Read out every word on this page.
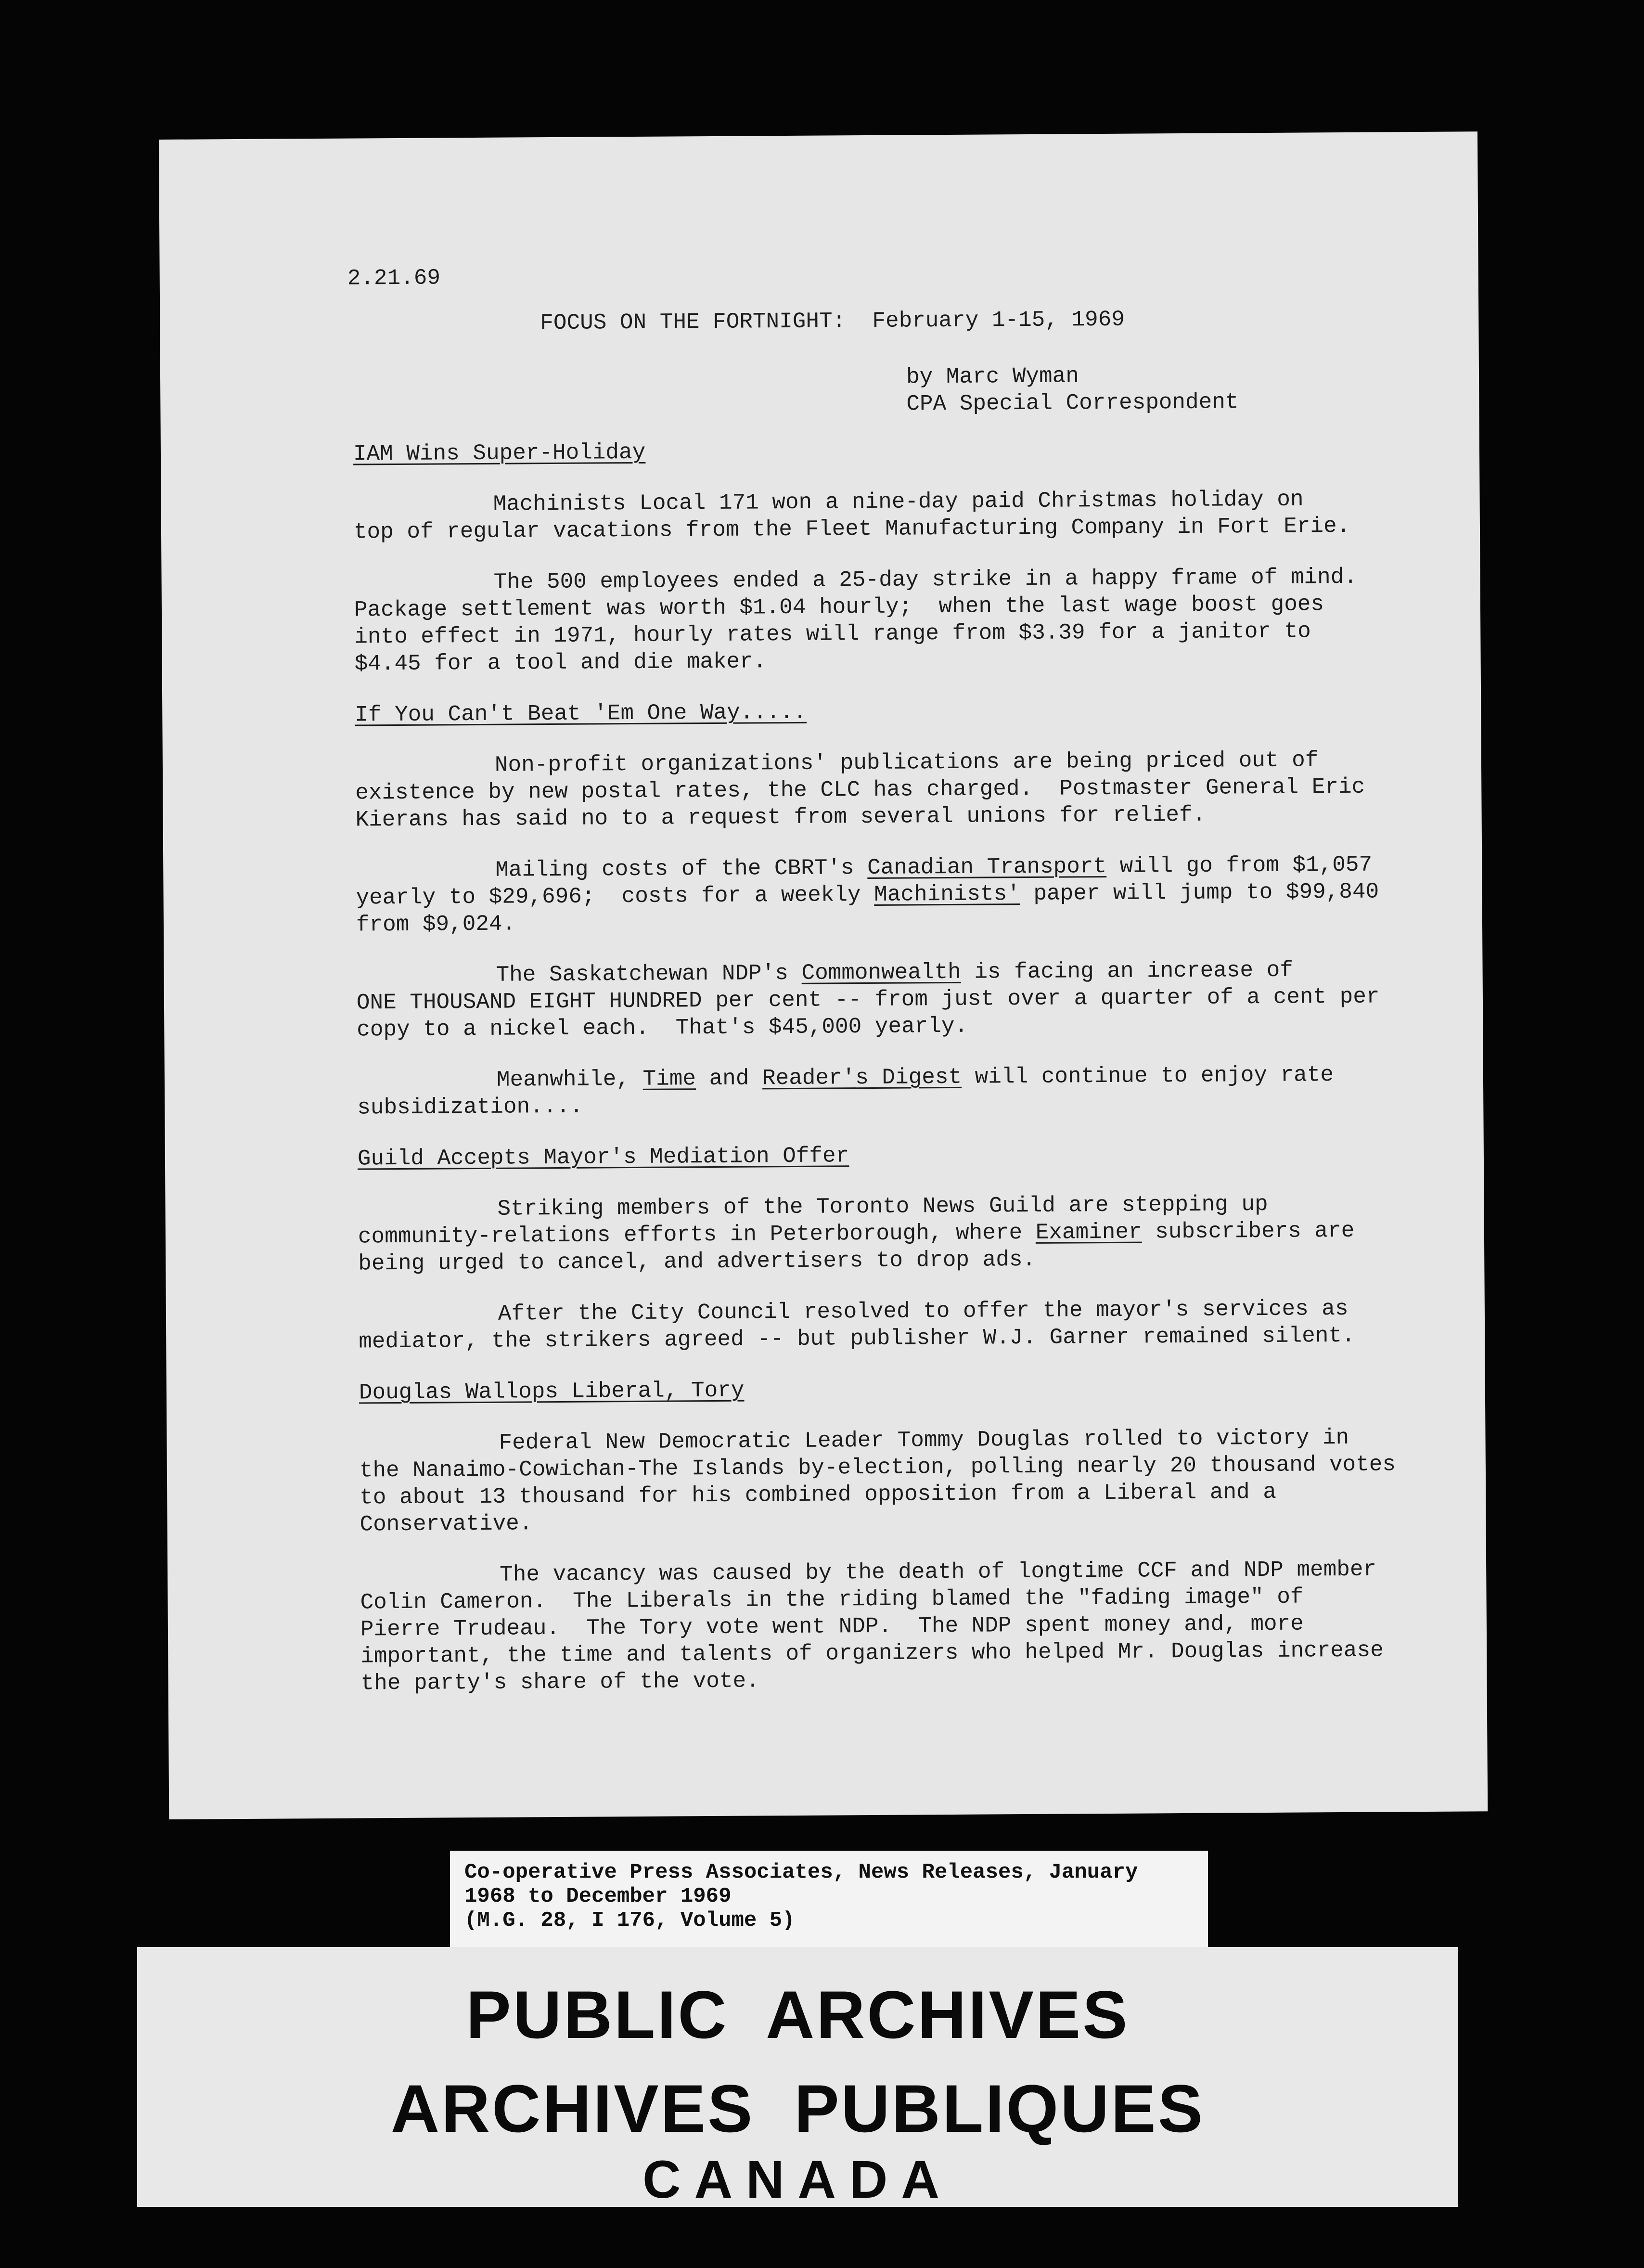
2.21.69
FOCUS ON THE FORTNIGHT:  February 1-15, 1969
by Marc Wyman
CPA Special Correspondent
IAM Wins Super-Holiday
Machinists Local 171 won a nine-day paid Christmas holiday on
top of regular vacations from the Fleet Manufacturing Company in Fort Erie.
The 500 employees ended a 25-day strike in a happy frame of mind.
Package settlement was worth $1.04 hourly;  when the last wage boost goes
into effect in 1971, hourly rates will range from $3.39 for a janitor to
$4.45 for a tool and die maker.
If You Can't Beat 'Em One Way.....
Non-profit organizations' publications are being priced out of
existence by new postal rates, the CLC has charged.  Postmaster General Eric
Kierans has said no to a request from several unions for relief.
Mailing costs of the CBRT's Canadian Transport will go from $1,057
yearly to $29,696;  costs for a weekly Machinists' paper will jump to $99,840
from $9,024.
The Saskatchewan NDP's Commonwealth is facing an increase of
ONE THOUSAND EIGHT HUNDRED per cent -- from just over a quarter of a cent per
copy to a nickel each.  That's $45,000 yearly.
Meanwhile, Time and Reader's Digest will continue to enjoy rate
subsidization....
Guild Accepts Mayor's Mediation Offer
Striking members of the Toronto News Guild are stepping up
community-relations efforts in Peterborough, where Examiner subscribers are
being urged to cancel, and advertisers to drop ads.
After the City Council resolved to offer the mayor's services as
mediator, the strikers agreed -- but publisher W.J. Garner remained silent.
Douglas Wallops Liberal, Tory
Federal New Democratic Leader Tommy Douglas rolled to victory in
the Nanaimo-Cowichan-The Islands by-election, polling nearly 20 thousand votes
to about 13 thousand for his combined opposition from a Liberal and a
Conservative.
The vacancy was caused by the death of longtime CCF and NDP member
Colin Cameron.  The Liberals in the riding blamed the "fading image" of
Pierre Trudeau.  The Tory vote went NDP.  The NDP spent money and, more
important, the time and talents of organizers who helped Mr. Douglas increase
the party's share of the vote.
Co-operative Press Associates, News Releases, January
1968 to December 1969
(M.G. 28, I 176, Volume 5)
PUBLIC ARCHIVES
ARCHIVES PUBLIQUES
CANADA
